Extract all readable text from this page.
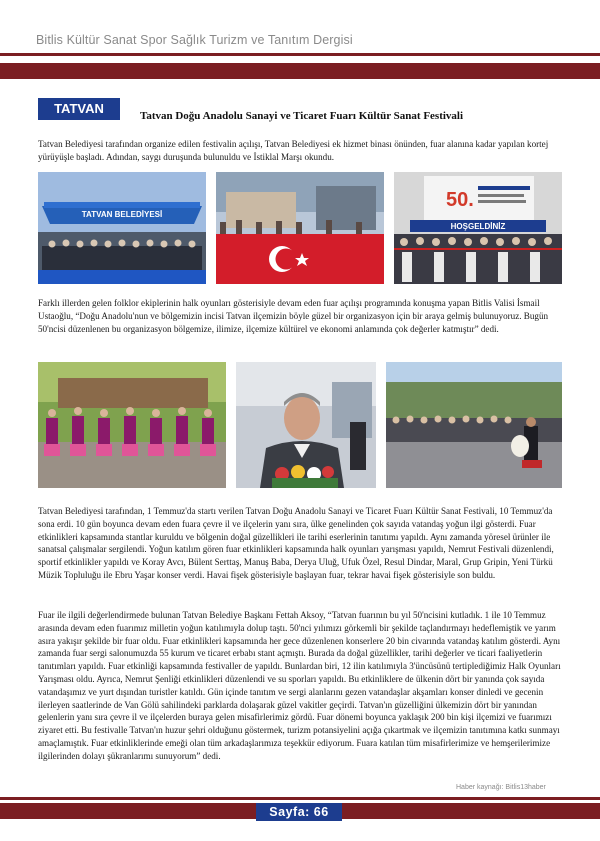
Bitlis Kültür Sanat Spor Sağlık Turizm ve Tanıtım Dergisi
TATVAN	Tatvan Doğu Anadolu Sanayi ve Ticaret Fuarı Kültür Sanat Festivali

Tatvan Belediyesi tarafından organize edilen festivalin açılışı, Tatvan Belediyesi ek hizmet binası önünden, fuar alanına kadar yapılan kortej yürüyüşle başladı. Adından, saygı duruşunda bulunuldu ve İstiklal Marşı okundu.

TATVAN BELEDİYESİ
50.
HOŞGELDİNİZ

Farklı illerden gelen folklor ekiplerinin halk oyunları gösterisiyle devam eden fuar açılışı programında konuşma yapan Bitlis Valisi İsmail Ustaoğlu, “Doğu Anadolu'nun ve bölgemizin incisi Tatvan ilçemizin böyle güzel bir organizasyon için bir araya gelmiş bulunuyoruz. Bugün 50'ncisi düzenlenen bu organizasyon bölgemize, ilimize, ilçemize kültürel ve ekonomi anlamında çok değerler katmıştır” dedi.

Tatvan Belediyesi tarafından, 1 Temmuz'da startı verilen Tatvan Doğu Anadolu Sanayi ve Ticaret Fuarı Kültür Sanat Festivali, 10 Temmuz'da sona erdi. 10 gün boyunca devam eden fuara çevre il ve ilçelerin yanı sıra, ülke genelinden çok sayıda vatandaş yoğun ilgi gösterdi. Fuar etkinlikleri kapsamında stantlar kuruldu ve bölgenin doğal güzellikleri ile tarihi eserlerinin tanıtımı yapıldı. Aynı zamanda yöresel ürünler ile sanatsal çalışmalar sergilendi. Yoğun katılım gören fuar etkinlikleri kapsamında halk oyunları yarışması yapıldı, Nemrut Festivali düzenlendi, sportif etkinlikler yapıldı ve Koray Avcı, Bülent Serttaş, Manuş Baba, Derya Uluğ, Ufuk Özel, Resul Dindar, Maral, Grup Gripin, Yeni Türkü Müzik Topluluğu ile Ebru Yaşar konser verdi. Havai fişek gösterisiyle başlayan fuar, tekrar havai fişek gösterisiyle son buldu.

Fuar ile ilgili değerlendirmede bulunan Tatvan Belediye Başkanı Fettah Aksoy, “Tatvan fuarının bu yıl 50'ncisini kutladık. 1 ile 10 Temmuz arasında devam eden fuarımız milletin yoğun katılımıyla dolup taştı. 50'nci yılımızı görkemli bir şekilde taçlandırmayı hedeflemiştik ve yarım asıra yakışır şekilde bir fuar oldu. Fuar etkinlikleri kapsamında her gece düzenlenen konserlere 20 bin civarında vatandaş katılım gösterdi. Aynı zamanda fuar sergi salonumuzda 55 kurum ve ticaret erbabı stant açmıştı. Burada da doğal güzellikler, tarihi değerler ve ticari faaliyetlerin tanıtımları yapıldı. Fuar etkinliği kapsamında festivaller de yapıldı. Bunlardan biri, 12 ilin katılımıyla 3'üncüsünü tertiplediğimiz Halk Oyunları Yarışması oldu. Ayrıca, Nemrut Şenliği etkinlikleri düzenlendi ve su sporları yapıldı. Bu etkinliklere de ülkenin dört bir yanında çok sayıda vatandaşımız ve yurt dışından turistler katıldı. Gün içinde tanıtım ve sergi alanlarını gezen vatandaşlar akşamları konser dinledi ve gecenin ilerleyen saatlerinde de Van Gölü sahilindeki parklarda dolaşarak güzel vakitler geçirdi. Tatvan'ın güzelliğini ülkemizin dört bir yanından gelenlerin yanı sıra çevre il ve ilçelerden buraya gelen misafirlerimiz gördü. Fuar dönemi boyunca yaklaşık 200 bin kişi ilçemizi ve fuarımızı ziyaret etti. Bu festivalle Tatvan'ın huzur şehri olduğunu göstermek, turizm potansiyelini açığa çıkartmak ve ilçemizin tanıtımına katkı sunmayı amaçlamıştık. Fuar etkinliklerinde emeği olan tüm arkadaşlarımıza teşekkür ediyorum. Fuara katılan tüm misafirlerimize ve hemşerilerimize ilgilerinden dolayı şükranlarımı sunuyorum” dedi.

Haber kaynağı: Bitlis13haber
Sayfa: 66
